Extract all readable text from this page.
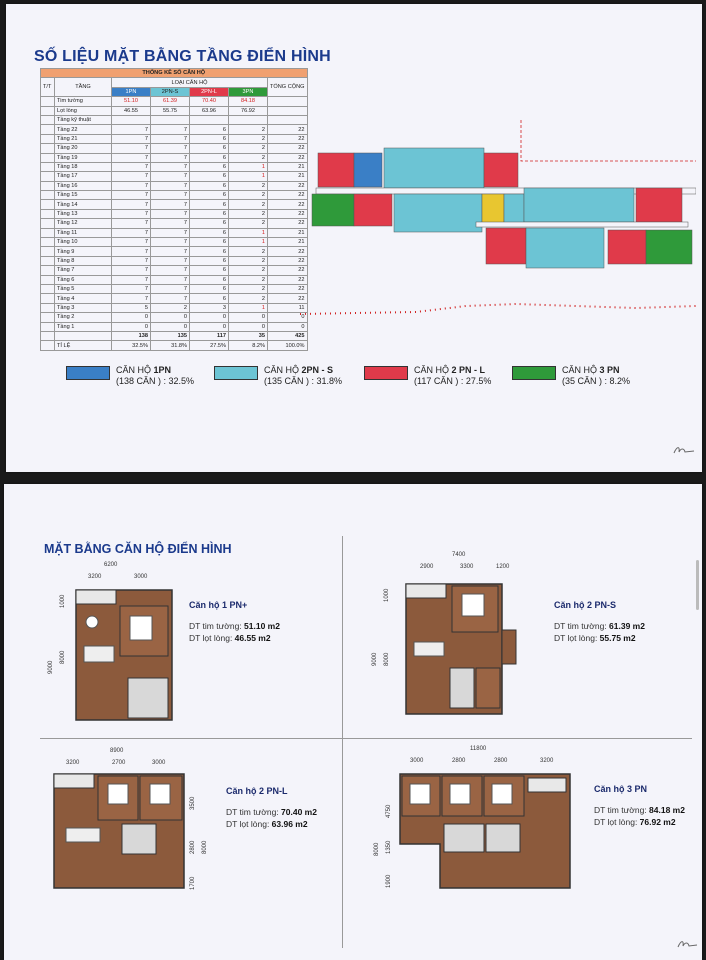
SỐ LIỆU MẶT BẰNG TẦNG ĐIỂN HÌNH
THỐNG KÊ SỐ CĂN HỘ						
T/T	TẦNG	LOẠI CĂN HỘ				TỔNG CỘNG
		1PN	2PN-S	2PN-L	3PN	
	Tim tường	51.10	61.39	70.40	84.18	
	Lọt lòng	46.55	55.75	63.96	76.92	
	Tầng kỹ thuật					
	Tầng 22	7	7	6	2	22
	Tầng 21	7	7	6	2	22
	Tầng 20	7	7	6	2	22
	Tầng 19	7	7	6	2	22
	Tầng 18	7	7	6	1	21
	Tầng 17	7	7	6	1	21
	Tầng 16	7	7	6	2	22
	Tầng 15	7	7	6	2	22
	Tầng 14	7	7	6	2	22
	Tầng 13	7	7	6	2	22
	Tầng 12	7	7	6	2	22
	Tầng 11	7	7	6	1	21
	Tầng 10	7	7	6	1	21
	Tầng 9	7	7	6	2	22
	Tầng 8	7	7	6	2	22
	Tầng 7	7	7	6	2	22
	Tầng 6	7	7	6	2	22
	Tầng 5	7	7	6	2	22
	Tầng 4	7	7	6	2	22
	Tầng 3	5	2	3	1	11
	Tầng 2	0	0	0	0	0
	Tầng 1	0	0	0	0	0
		138	135	117	35	425
	TỈ LỆ	32.5%	31.8%	27.5%	8.2%	100.0%
CĂN HỘ 1PN
(138 CĂN ) : 32.5%
CĂN HỘ 2PN - S
(135 CĂN ) : 31.8%
CĂN HỘ 2 PN - L
(117 CĂN ) : 27.5%
CĂN HỘ 3 PN
(35 CĂN ) : 8.2%
MẶT BẰNG CĂN HỘ ĐIỂN HÌNH
6200
3200	3000
9000
8000
1000	Căn hộ 1 PN+
DT tim tường: 51.10 m2
DT lọt lòng: 46.55 m2
7400
2900	3300	1200
9000 8000
1000
Căn hộ 2 PN-S
DT tim tường: 61.39 m2
DT lọt lòng: 55.75 m2
8900
3200	2700	3000
3500
2800
1700
8000
Căn hộ 2 PN-L
DT tim tường: 70.40 m2
DT lọt lòng: 63.96 m2
11800
3000	2800	2800	3200
8000
4750
1350
1900
Căn hộ 3 PN
DT tim tường: 84.18 m2
DT lọt lòng: 76.92 m2
